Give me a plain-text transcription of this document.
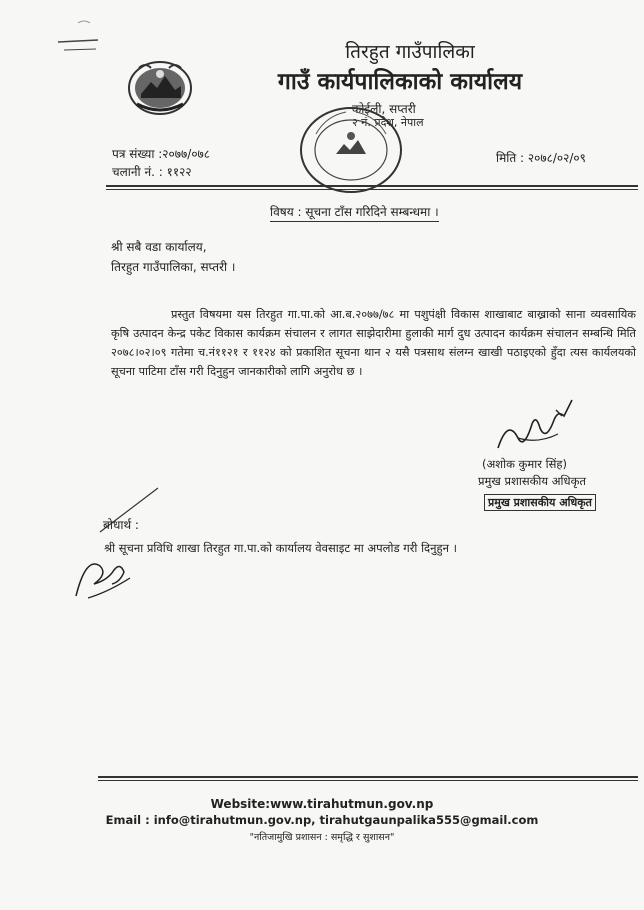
तिरहुत गाउँपालिका
गाउँ कार्यपालिकाको कार्यालय
कोईली, सप्तरी
२ नं. प्रदेश, नेपाल
पत्र संख्या :२०७७/०७८
चलानी नं. : ११२२
मिति : २०७८/०२/०९
विषय : सूचना टाँस गरिदिने सम्बन्धमा ।
श्री सबै वडा कार्यालय,
तिरहुत गाउँपालिका, सप्तरी ।
प्रस्तुत विषयमा यस तिरहुत गा.पा.को आ.ब.२०७७/७८ मा पशुपंक्षी विकास शाखाबाट बाख्राको साना व्यवसायिक कृषि उत्पादन केन्द्र पकेट विकास कार्यक्रम संचालन र लागत साझेदारीमा हुलाकी मार्ग दुध उत्पादन कार्यक्रम संचालन सम्बन्धि मिति २०७८।०२।०९ गतेमा च.नं११२१ र ११२४ को प्रकाशित सूचना थान २ यसै पत्रसाथ संलग्न खाखी पठाइएको हुँदा त्यस कार्यलयको सूचना पाटिमा टाँस गरी दिनुहुन जानकारीको लागि अनुरोध छ ।
(अशोक कुमार सिंह)
प्रमुख प्रशासकीय अधिकृत
प्रमुख प्रशासकीय अधिकृत
बोधार्थ :
श्री सूचना प्रविधि शाखा तिरहुत गा.पा.को कार्यालय वेवसाइट मा अपलोड गरी दिनुहुन ।
Website:www.tirahutmun.gov.np
Email : info@tirahutmun.gov.np, tirahutgaunpalika555@gmail.com
"नतिजामुखि प्रशासन : समृद्धि र सुशासन"
